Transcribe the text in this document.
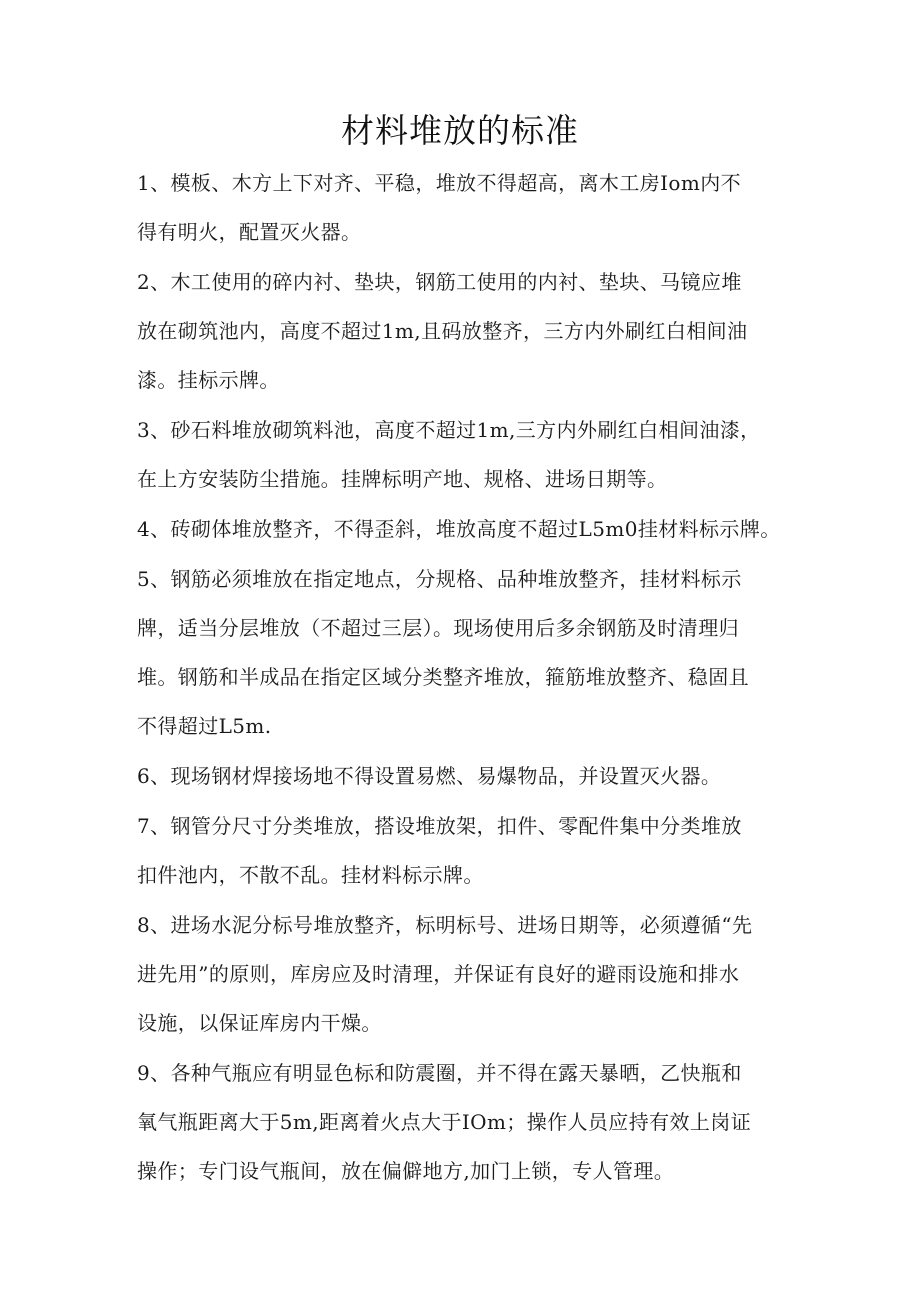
材料堆放的标准

1、模板、木方上下对齐、平稳，堆放不得超高，离木工房Iom内不
得有明火，配置灭火器。

2、木工使用的碎内衬、垫块，钢筋工使用的内衬、垫块、马镜应堆
放在砌筑池内，高度不超过1m,且码放整齐，三方内外刷红白相间油
漆。挂标示牌。

3、砂石料堆放砌筑料池，高度不超过1m,三方内外刷红白相间油漆，
在上方安装防尘措施。挂牌标明产地、规格、进场日期等。

4、砖砌体堆放整齐，不得歪斜，堆放高度不超过L5m0挂材料标示牌。

5、钢筋必须堆放在指定地点，分规格、品种堆放整齐，挂材料标示
牌，适当分层堆放（不超过三层）。现场使用后多余钢筋及时清理归
堆。钢筋和半成品在指定区域分类整齐堆放，箍筋堆放整齐、稳固且
不得超过L5m.

6、现场钢材焊接场地不得设置易燃、易爆物品，并设置灭火器。

7、钢管分尺寸分类堆放，搭设堆放架，扣件、零配件集中分类堆放
扣件池内，不散不乱。挂材料标示牌。

8、进场水泥分标号堆放整齐，标明标号、进场日期等，必须遵循“先
进先用”的原则，库房应及时清理，并保证有良好的避雨设施和排水
设施，以保证库房内干燥。

9、各种气瓶应有明显色标和防震圈，并不得在露天暴晒，乙快瓶和
氧气瓶距离大于5m,距离着火点大于IOm；操作人员应持有效上岗证
操作；专门设气瓶间，放在偏僻地方,加门上锁，专人管理。
